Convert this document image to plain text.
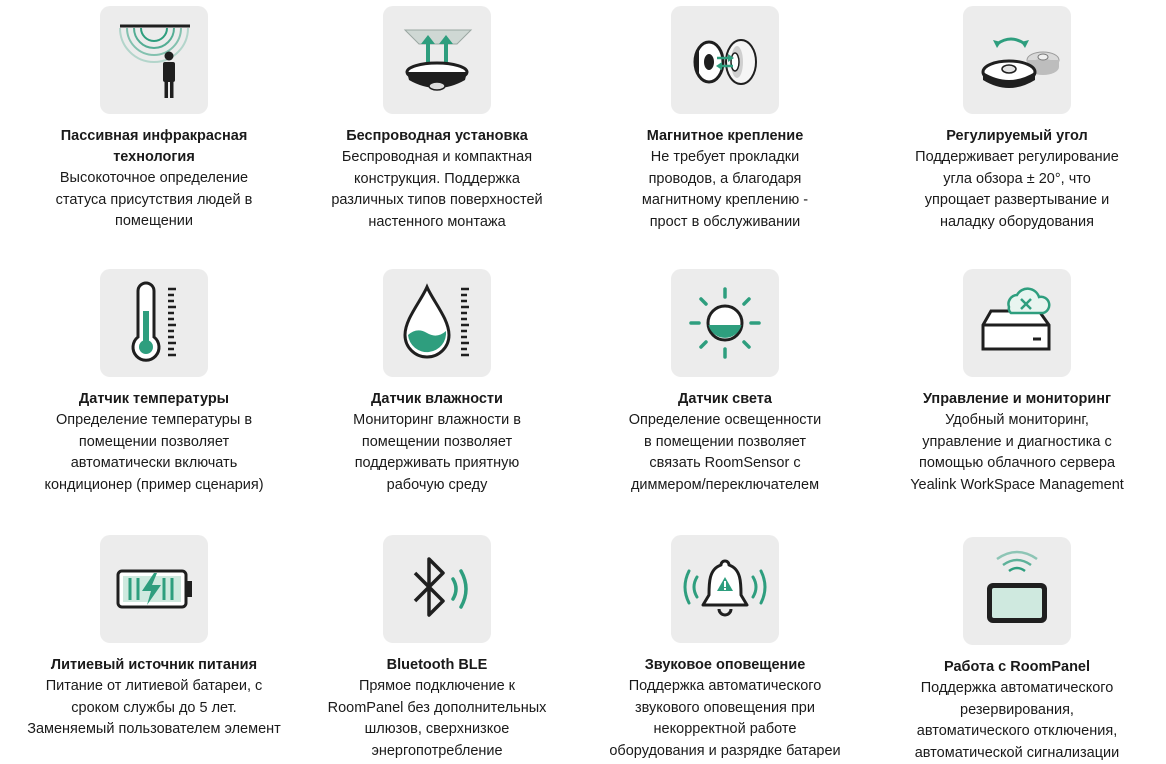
Пассивная инфракрасная
технология
Высокоточное определение
статуса присутствия людей в
помещении
Беспроводная установка
Беспроводная и компактная
конструкция. Поддержка
различных типов поверхностей
настенного монтажа
Магнитное крепление
Не требует прокладки
проводов, а благодаря
магнитному креплению -
прост в обслуживании
Регулируемый угол
Поддерживает регулирование
угла обзора ± 20°, что
упрощает развертывание и
наладку оборудования
Датчик температуры
Определение температуры в
помещении позволяет
автоматически включать
кондиционер (пример сценария)
Датчик влажности
Мониторинг влажности в
помещении позволяет
поддерживать приятную
рабочую среду
Датчик света
Определение освещенности
в помещении позволяет
связать RoomSensor с
диммером/переключателем
Управление и мониторинг
Удобный мониторинг,
управление и диагностика с
помощью облачного сервера
Yealink WorkSpace Management
Литиевый источник питания
Питание от литиевой батареи, с
сроком службы до 5 лет.
Заменяемый пользователем элемент
Bluetooth BLE
Прямое подключение к
RoomPanel без дополнительных
шлюзов, сверхнизкое
энергопотребление
Звуковое оповещение
Поддержка автоматического
звукового оповещения при
некорректной работе
оборудования и разрядке батареи
Работа с RoomPanel
Поддержка автоматического
резервирования,
автоматического отключения,
автоматической сигнализации
